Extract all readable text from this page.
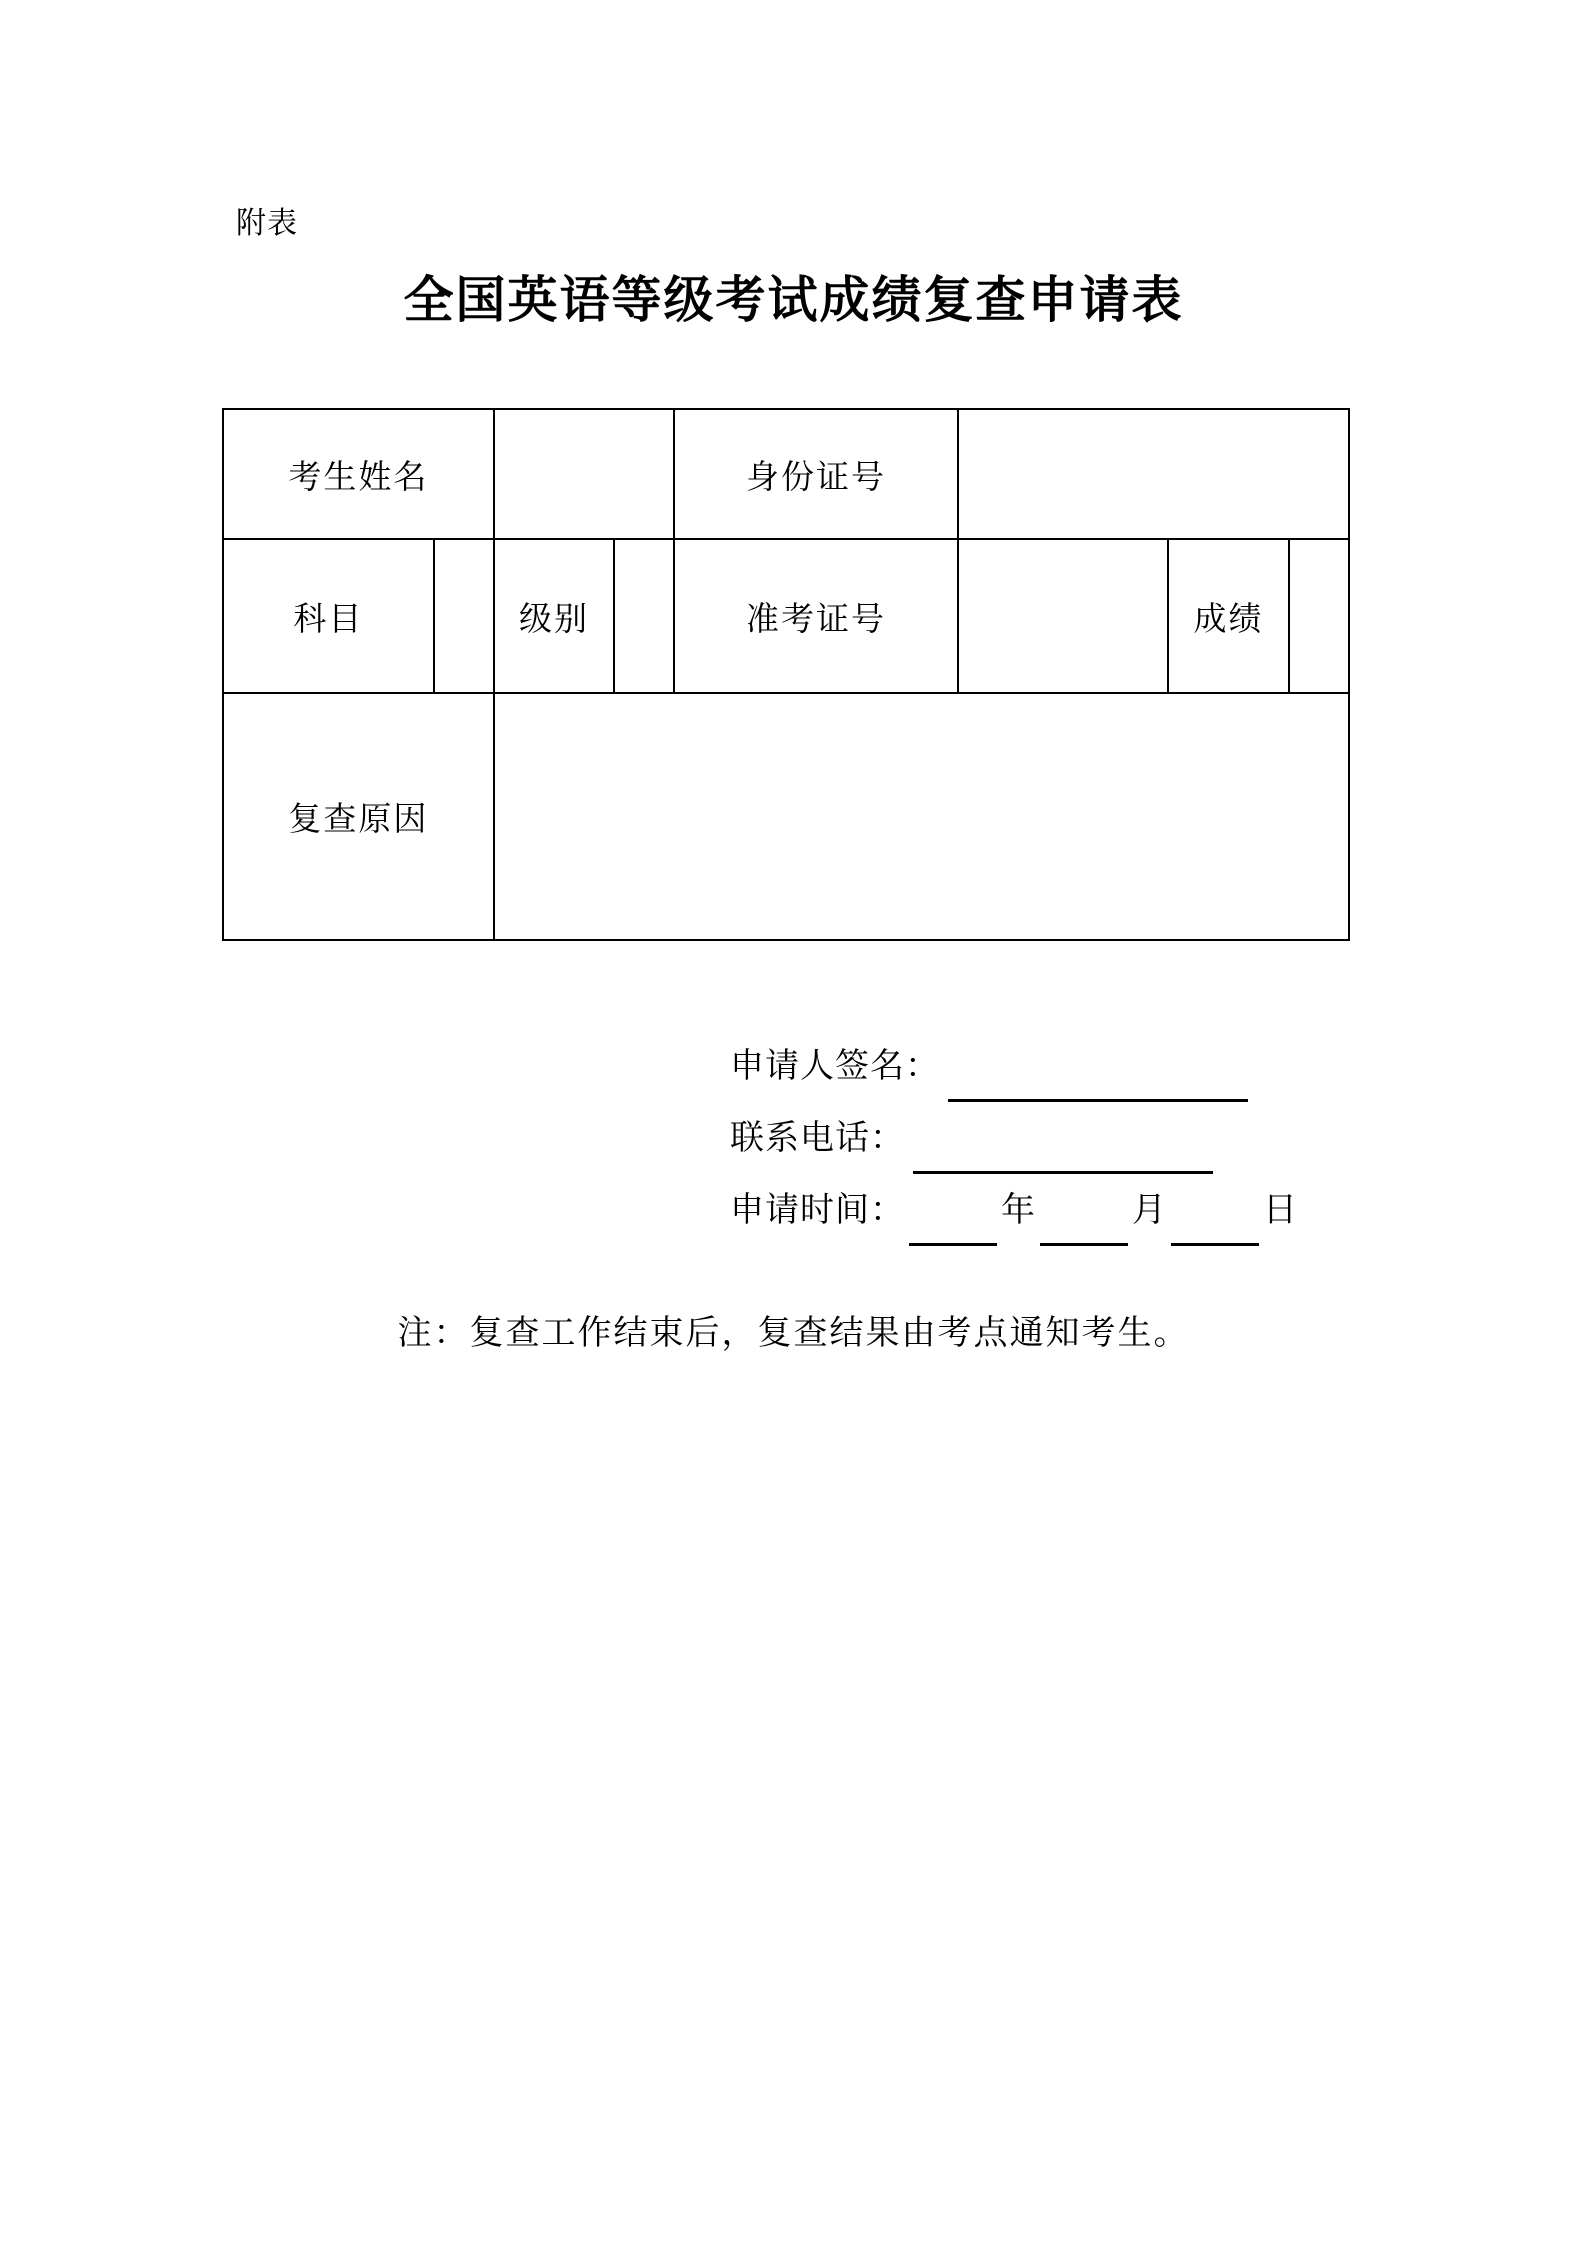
附表
全国英语等级考试成绩复查申请表
考生姓名				身份证号			
科目		级别		准考证号		成绩	
复查原因							
申请人签名：
联系电话：
申请时间：	年	月	日
注：复查工作结束后，复查结果由考点通知考生。
